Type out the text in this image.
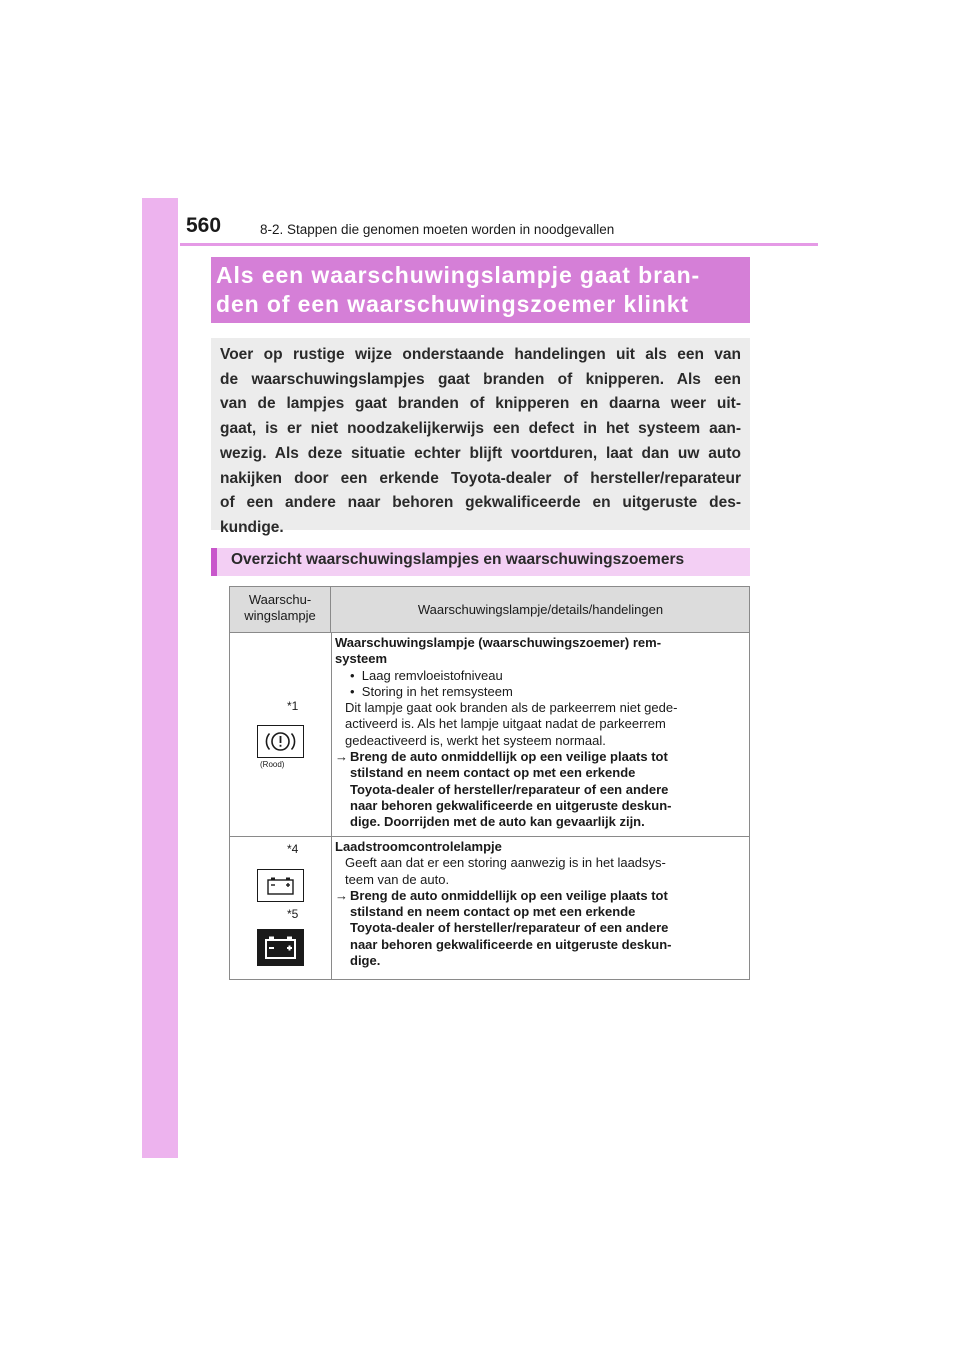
560	8-2. Stappen die genomen moeten worden in noodgevallen
Als een waarschuwingslampje gaat bran-
den of een waarschuwingszoemer klinkt
Voer op rustige wijze onderstaande handelingen uit als een van
de waarschuwingslampjes gaat branden of knipperen. Als een
van de lampjes gaat branden of knipperen en daarna weer uit-
gaat, is er niet noodzakelijkerwijs een defect in het systeem aan-
wezig. Als deze situatie echter blijft voortduren, laat dan uw auto
nakijken door een erkende Toyota-dealer of hersteller/reparateur
of een andere naar behoren gekwalificeerde en uitgeruste des-
kundige.
Overzicht waarschuwingslampjes en waarschuwingszoemers
Waarschu-
wingslampje	Waarschuwingslampje/details/handelingen
*1
(Rood)
Waarschuwingslampje (waarschuwingszoemer) rem-
systeem
•  Laag remvloeistofniveau
•  Storing in het remsysteem
Dit lampje gaat ook branden als de parkeerrem niet gede-
activeerd is. Als het lampje uitgaat nadat de parkeerrem
gedeactiveerd is, werkt het systeem normaal.
→ Breng de auto onmiddellijk op een veilige plaats tot
stilstand en neem contact op met een erkende
Toyota-dealer of hersteller/reparateur of een andere
naar behoren gekwalificeerde en uitgeruste deskun-
dige. Doorrijden met de auto kan gevaarlijk zijn.
*4
*5
Laadstroomcontrolelampje
Geeft aan dat er een storing aanwezig is in het laadsys-
teem van de auto.
→ Breng de auto onmiddellijk op een veilige plaats tot
stilstand en neem contact op met een erkende
Toyota-dealer of hersteller/reparateur of een andere
naar behoren gekwalificeerde en uitgeruste deskun-
dige.
